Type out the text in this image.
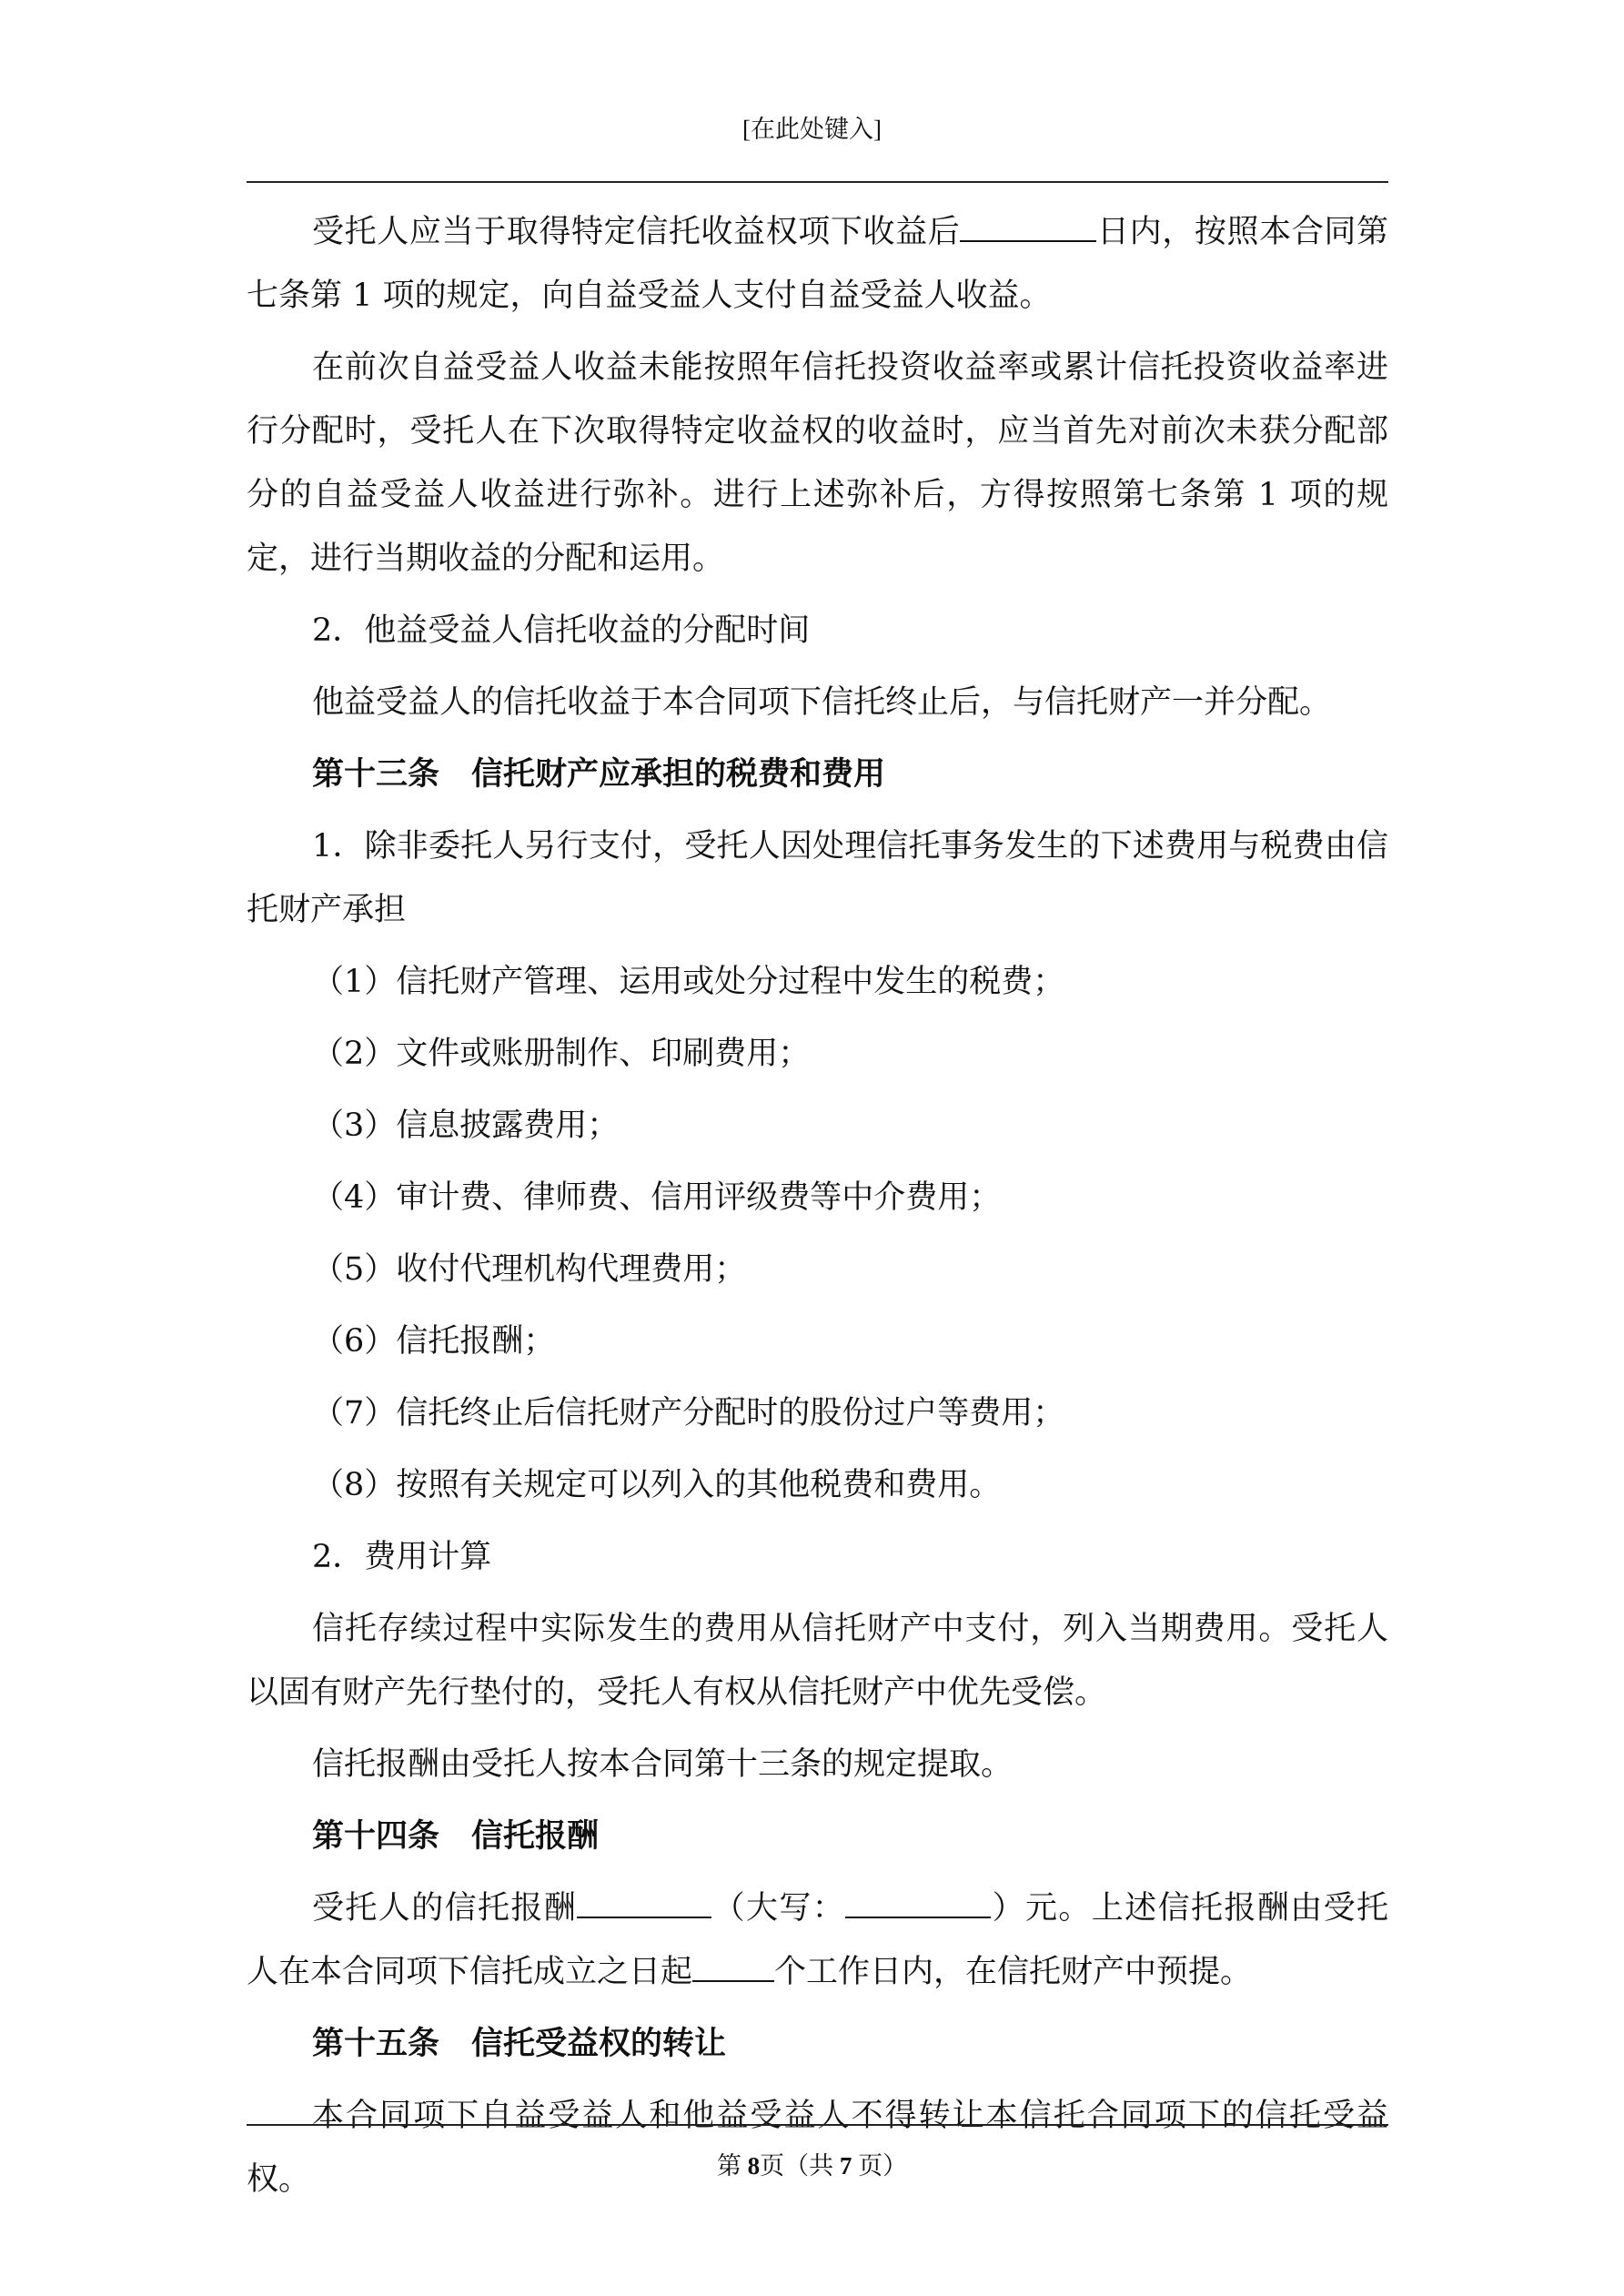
[在此处键入]

受托人应当于取得特定信托收益权项下收益后	日内，按照本合同第七条第 1 项的规定，向自益受益人支付自益受益人收益。

在前次自益受益人收益未能按照年信托投资收益率或累计信托投资收益率进行分配时，受托人在下次取得特定收益权的收益时，应当首先对前次未获分配部分的自益受益人收益进行弥补。进行上述弥补后，方得按照第七条第 1 项的规定，进行当期收益的分配和运用。

2．他益受益人信托收益的分配时间

他益受益人的信托收益于本合同项下信托终止后，与信托财产一并分配。

第十三条　信托财产应承担的税费和费用

1．除非委托人另行支付，受托人因处理信托事务发生的下述费用与税费由信托财产承担

（1）信托财产管理、运用或处分过程中发生的税费；

（2）文件或账册制作、印刷费用；

（3）信息披露费用；

（4）审计费、律师费、信用评级费等中介费用；

（5）收付代理机构代理费用；

（6）信托报酬；

（7）信托终止后信托财产分配时的股份过户等费用；

（8）按照有关规定可以列入的其他税费和费用。

2．费用计算

信托存续过程中实际发生的费用从信托财产中支付，列入当期费用。受托人以固有财产先行垫付的，受托人有权从信托财产中优先受偿。

信托报酬由受托人按本合同第十三条的规定提取。

第十四条　信托报酬

受托人的信托报酬	（大写：	）元。上述信托报酬由受托人在本合同项下信托成立之日起	个工作日内，在信托财产中预提。

第十五条　信托受益权的转让

本合同项下自益受益人和他益受益人不得转让本信托合同项下的信托受益权。	第 8页（共 7 页）
